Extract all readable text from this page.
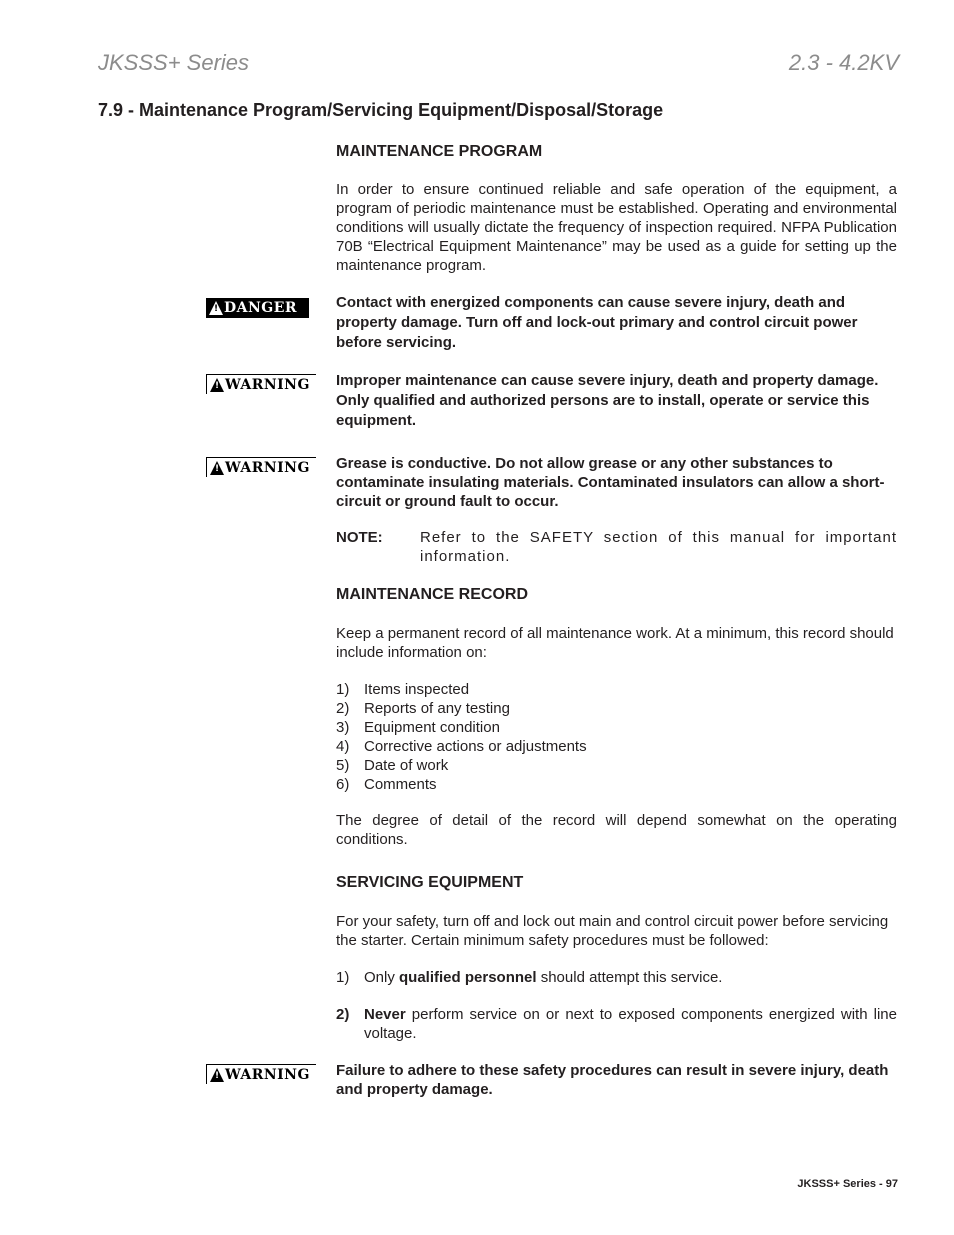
JKSSS+ Series	2.3 - 4.2KV
7.9 - Maintenance Program/Servicing Equipment/Disposal/Storage
MAINTENANCE PROGRAM
In order to ensure continued reliable and safe operation of the equipment, a program of periodic maintenance must be established. Operating and environmental conditions will usually dictate the frequency of inspection required. NFPA Publication 70B “Electrical Equipment Maintenance” may be used as a guide for setting up the maintenance program.
! DANGER	Contact with energized components can cause severe injury, death and property damage. Turn off and lock-out primary and control circuit power before servicing.
! WARNING Improper maintenance can cause severe injury, death and property damage. Only qualified and authorized persons are to install, operate or service this equipment.
! WARNING Grease is conductive. Do not allow grease or any other substances to contaminate insulating materials. Contaminated insulators can allow a short-circuit or ground fault to occur.
NOTE:	Refer to the SAFETY section of this manual for important information.
MAINTENANCE RECORD
Keep a permanent record of all maintenance work. At a minimum, this record should include information on:
1) Items inspected
2) Reports of any testing
3) Equipment condition
4) Corrective actions or adjustments
5) Date of work
6) Comments
The degree of detail of the record will depend somewhat on the operating conditions.
SERVICING EQUIPMENT
For your safety, turn off and lock out main and control circuit power before servicing the starter. Certain minimum safety procedures must be followed:
1) Only qualified personnel should attempt this service.
2) Never perform service on or next to exposed components energized with line voltage.
! WARNING Failure to adhere to these safety procedures can result in severe injury, death and property damage.
JKSSS+ Series - 97
